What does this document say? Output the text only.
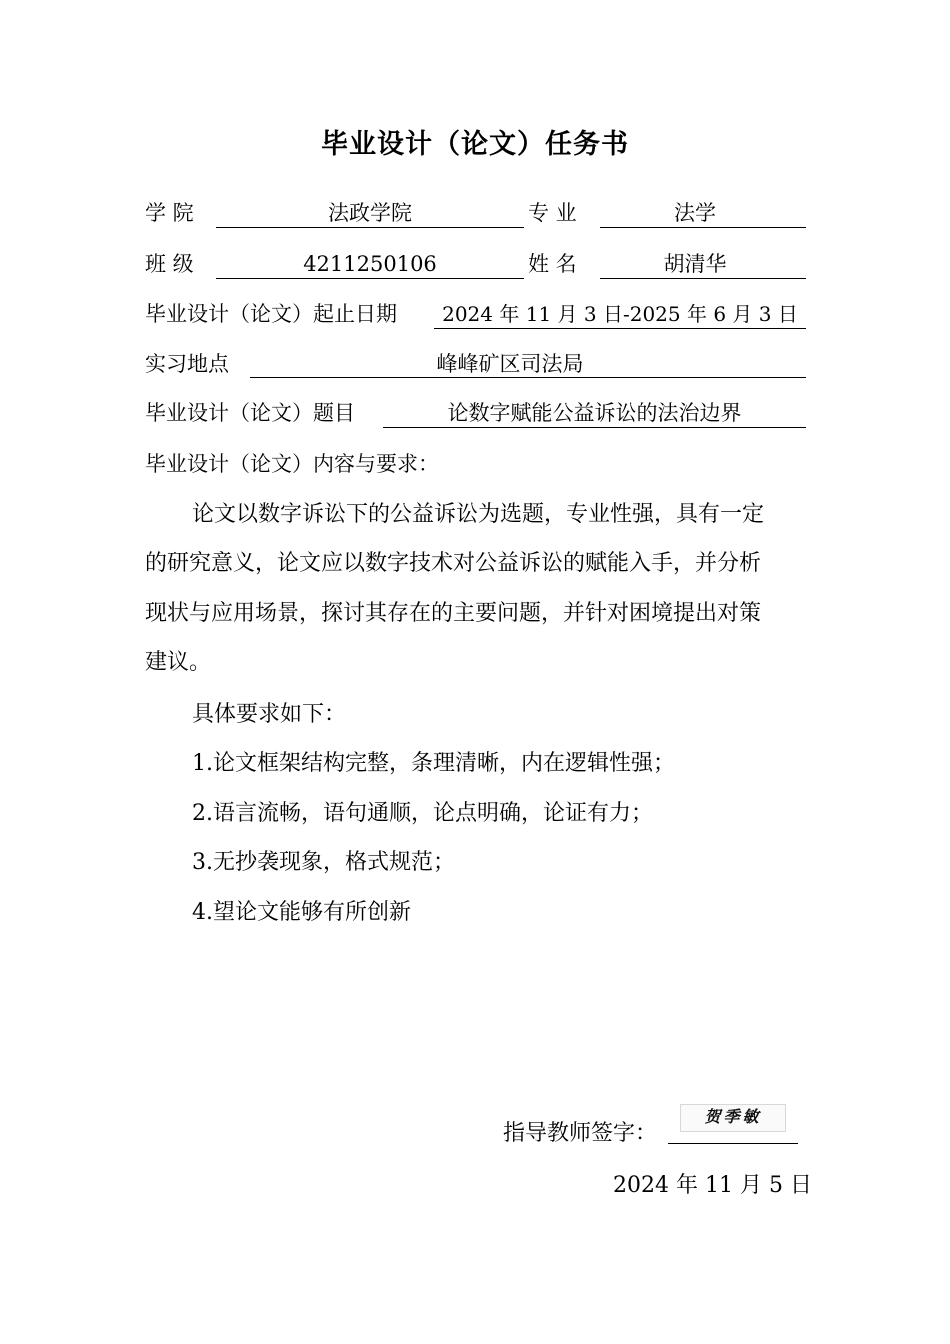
毕业设计（论文）任务书
学 院	法政学院	专 业	法学
班 级	4211250106	姓 名	胡清华
毕业设计（论文）起止日期	2024 年 11 月 3 日-2025 年 6 月 3 日
实习地点	峰峰矿区司法局
毕业设计（论文）题目	论数字赋能公益诉讼的法治边界
毕业设计（论文）内容与要求：
论文以数字诉讼下的公益诉讼为选题，专业性强，具有一定
的研究意义，论文应以数字技术对公益诉讼的赋能入手，并分析
现状与应用场景，探讨其存在的主要问题，并针对困境提出对策
建议。
具体要求如下：
1.论文框架结构完整，条理清晰，内在逻辑性强；
2.语言流畅，语句通顺，论点明确，论证有力；
3.无抄袭现象，格式规范；
4.望论文能够有所创新
指导教师签字：
贺季敏
2024 年 11 月 5 日
